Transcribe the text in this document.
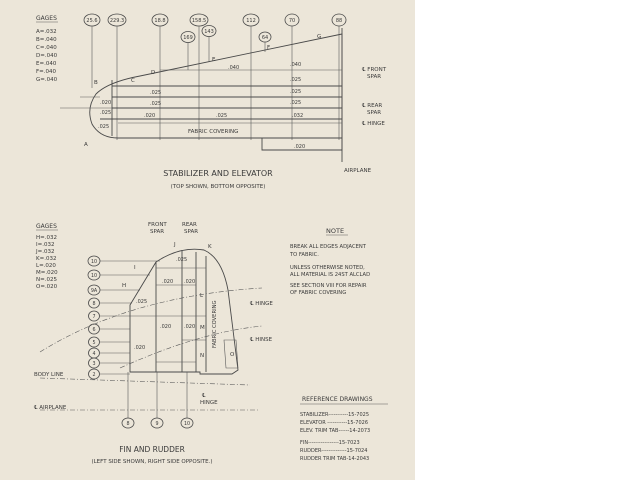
GAGES
A=.032
B=.040
C=.040
D=.040
E=.040
F=.040
G=.040
25.6 229.3	18.8	158.5
169
143
112	70
64
88
A
B	C
D
E
F
G
.040	.040
.025
.025	.025
.025	.025
.020
.025	.020	.025	.032
.025
.020
FABRIC COVERING
℄ FRONT
SPAR
℄ REAR
SPAR
℄ HINGE
AIRPLANE
STABILIZER AND ELEVATOR
(TOP SHOWN, BOTTOM OPPOSITE)
GAGES
H=.032
I=.032
J=.032
K=.032
L=.020
M=.020
N=.025
O=.020
FRONT
SPAR
REAR
SPAR
10
10
9A
8
7
6
5
4
3
2
H
I
J	K
L
M
N	O
.025
.020 .020
.025
.020	.020
.020	FABRIC COVERING	℄ HINGE
℄ HINSE
℄
HINGE
BODY LINE
℄ AIRPLANE
8	9	10
FIN AND RUDDER
(LEFT SIDE SHOWN, RIGHT SIDE OPPOSITE.)
NOTE
BREAK ALL EDGES ADJACENT
TO FABRIC.
UNLESS OTHERWISE NOTED,
ALL MATERIAL IS 24ST ALCLAD
SEE SECTION VIII FOR REPAIR
OF FABRIC COVERING
REFERENCE DRAWINGS
STABILIZER-----------15-7025
ELEVATOR -----------15-7026
ELEV. TRIM TAB------14-2073
FIN-----------------15-7023
RUDDER--------------15-7024
RUDDER TRIM TAB-14-2043
